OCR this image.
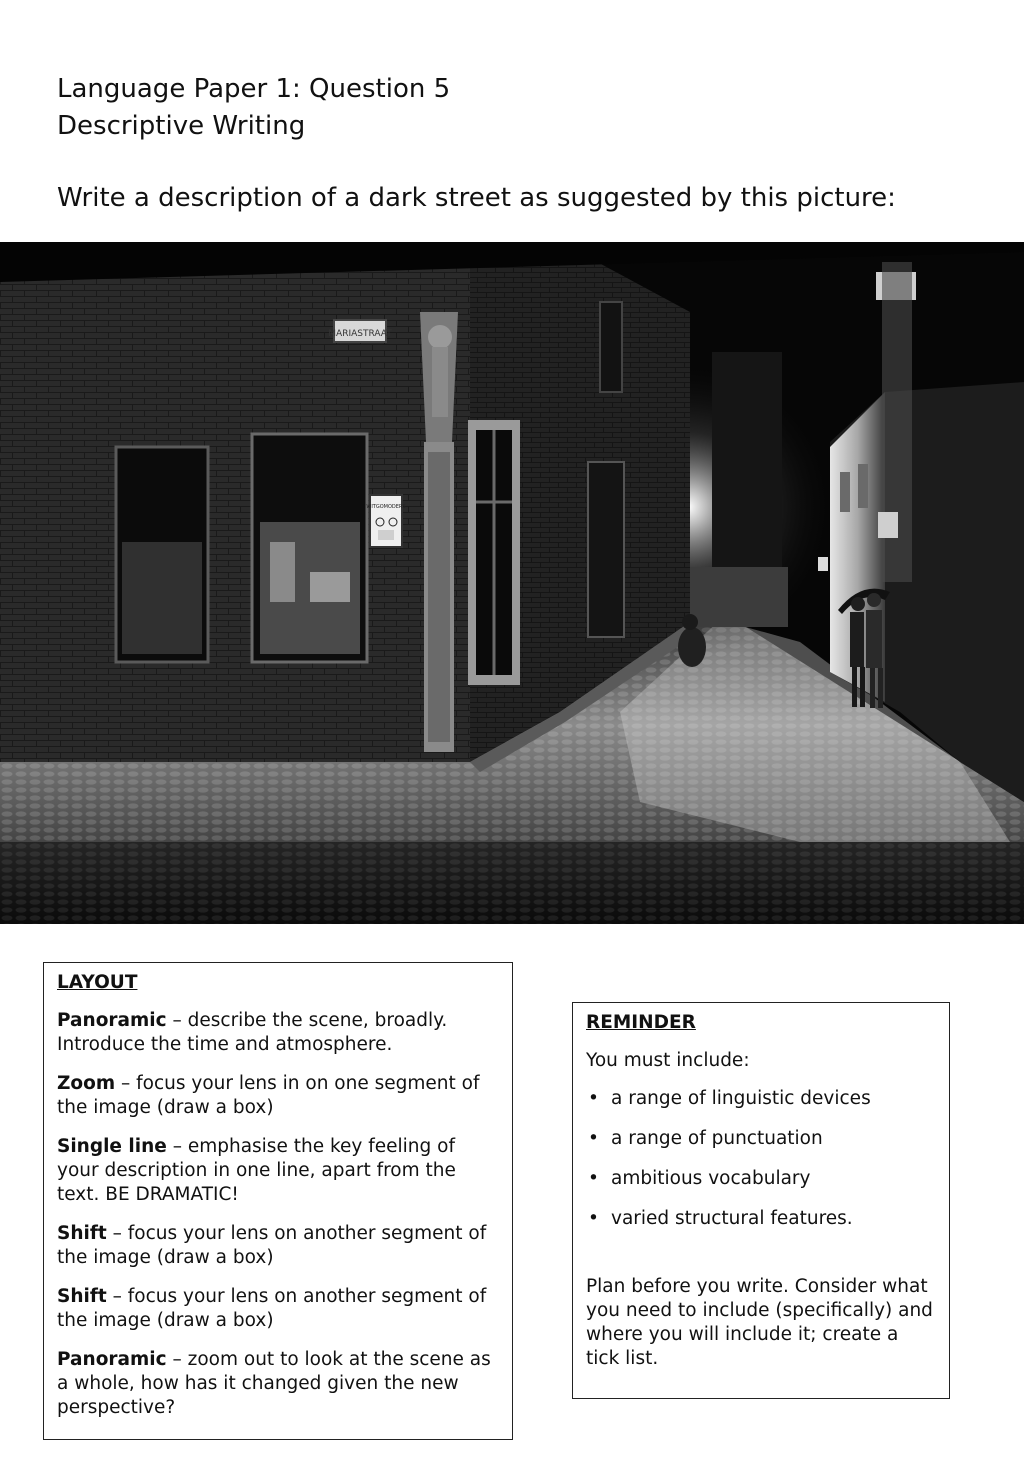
Language Paper 1: Question 5
Descriptive Writing
Write a description of a dark street as suggested by this picture:
MARIASTRAAT
WITGOMODERS
LAYOUT

Panoramic – describe the scene, broadly. Introduce the time and atmosphere.

Zoom – focus your lens in on one segment of the image (draw a box)

Single line – emphasise the key feeling of your description in one line, apart from the text. BE DRAMATIC!

Shift – focus your lens on another segment of the image (draw a box)

Shift – focus your lens on another segment of the image (draw a box)

Panoramic – zoom out to look at the scene as a whole, how has it changed given the new perspective?

REMINDER

You must include:

• a range of linguistic devices
• a range of punctuation
• ambitious vocabulary
• varied structural features.

Plan before you write. Consider what you need to include (specifically) and where you will include it; create a tick list.
